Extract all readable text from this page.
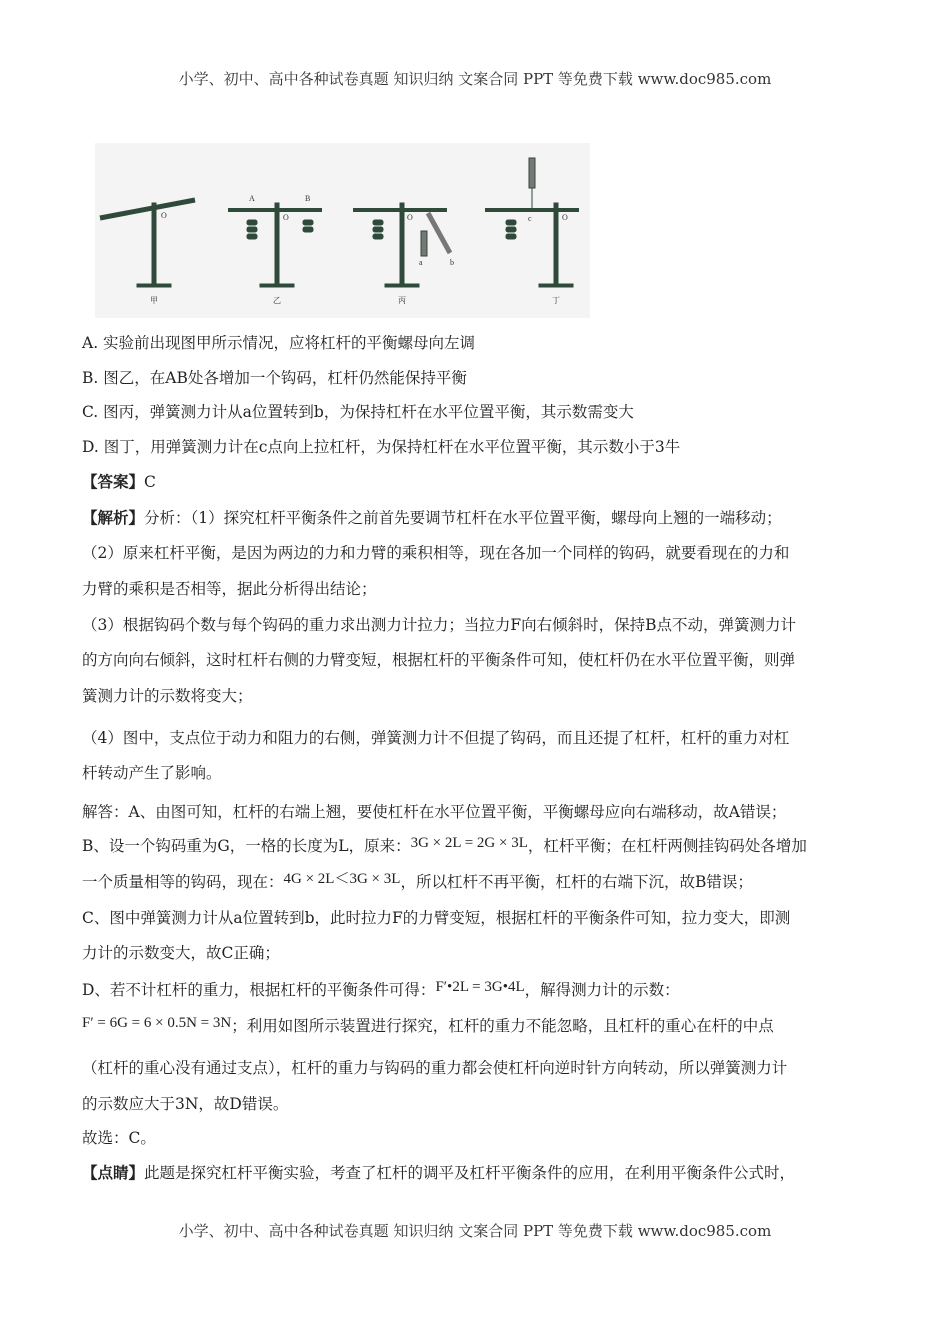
小学、初中、高中各种试卷真题 知识归纳 文案合同 PPT 等免费下载 www.doc985.com
O
A	B
O	O
a	b
c	O
甲	乙	丙	丁
A. 实验前出现图甲所示情况，应将杠杆的平衡螺母向左调
B. 图乙，在AB处各增加一个钩码，杠杆仍然能保持平衡
C. 图丙，弹簧测力计从a位置转到b，为保持杠杆在水平位置平衡，其示数需变大
D. 图丁，用弹簧测力计在c点向上拉杠杆，为保持杠杆在水平位置平衡，其示数小于3牛
【答案】C
【解析】分析：（1）探究杠杆平衡条件之前首先要调节杠杆在水平位置平衡，螺母向上翘的一端移动；
（2）原来杠杆平衡，是因为两边的力和力臂的乘积相等，现在各加一个同样的钩码，就要看现在的力和
力臂的乘积是否相等，据此分析得出结论；
（3）根据钩码个数与每个钩码的重力求出测力计拉力；当拉力F向右倾斜时，保持B点不动，弹簧测力计
的方向向右倾斜，这时杠杆右侧的力臂变短，根据杠杆的平衡条件可知，使杠杆仍在水平位置平衡，则弹
簧测力计的示数将变大；
（4）图中，支点位于动力和阻力的右侧，弹簧测力计不但提了钩码，而且还提了杠杆，杠杆的重力对杠
杆转动产生了影响。
解答：A、由图可知，杠杆的右端上翘，要使杠杆在水平位置平衡，平衡螺母应向右端移动，故A错误；
B、设一个钩码重为G，一格的长度为L，原来：3G × 2L = 2G × 3L，杠杆平衡；在杠杆两侧挂钩码处各增加
一个质量相等的钩码，现在：4G × 2L＜3G × 3L，所以杠杆不再平衡，杠杆的右端下沉，故B错误；
C、图中弹簧测力计从a位置转到b，此时拉力F的力臂变短，根据杠杆的平衡条件可知，拉力变大，即测
力计的示数变大，故C正确；
D、若不计杠杆的重力，根据杠杆的平衡条件可得：F′•2L = 3G•4L，解得测力计的示数：
F′ = 6G = 6 × 0.5N = 3N；利用如图所示装置进行探究，杠杆的重力不能忽略，且杠杆的重心在杆的中点
（杠杆的重心没有通过支点），杠杆的重力与钩码的重力都会使杠杆向逆时针方向转动，所以弹簧测力计
的示数应大于3N，故D错误。
故选：C。
【点睛】此题是探究杠杆平衡实验，考查了杠杆的调平及杠杆平衡条件的应用，在利用平衡条件公式时，
小学、初中、高中各种试卷真题 知识归纳 文案合同 PPT 等免费下载 www.doc985.com
